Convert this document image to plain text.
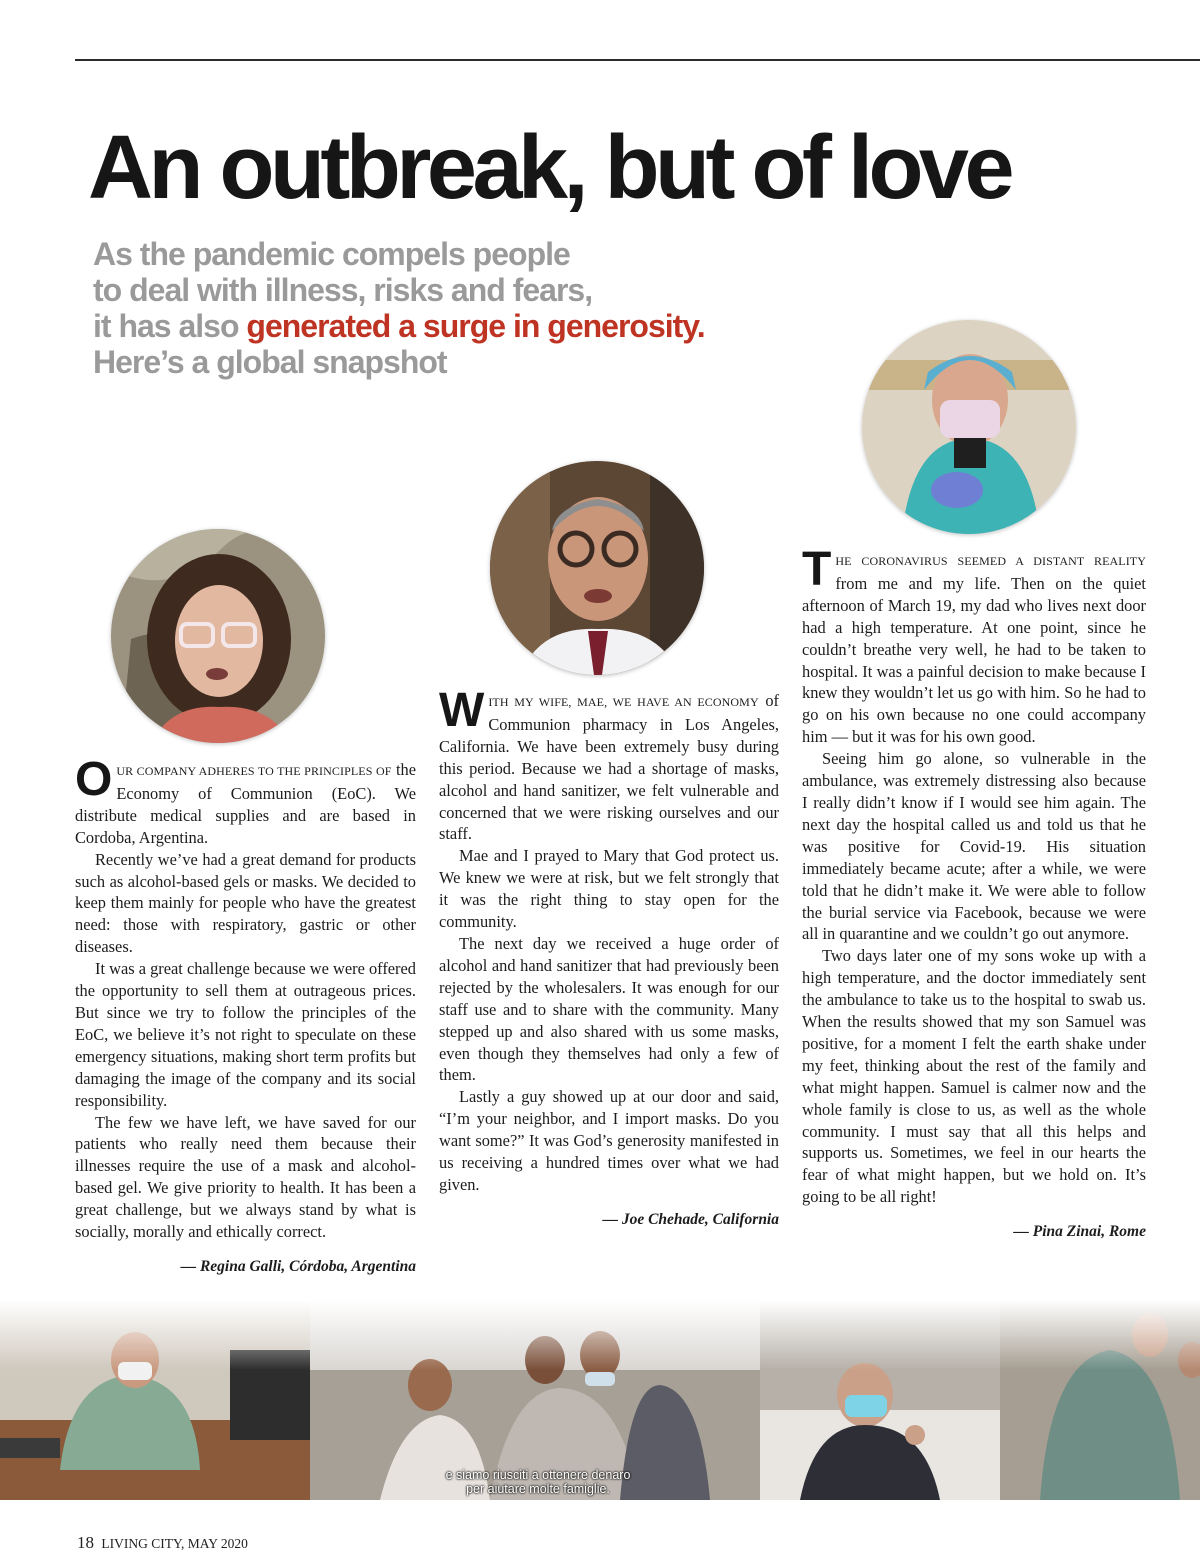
An outbreak, but of love
As the pandemic compels people
to deal with illness, risks and fears,
it has also generated a surge in generosity.
Here’s a global snapshot

OUR COMPANY ADHERES TO THE PRINCIPLES OF the Economy of Communion (EoC). We distribute medical supplies and are based in Cordoba, Argentina.

Recently we’ve had a great demand for products such as alcohol-based gels or masks. We decided to keep them mainly for people who have the greatest need: those with respiratory, gastric or other diseases.

It was a great challenge because we were offered the opportunity to sell them at outrageous prices. But since we try to follow the principles of the EoC, we believe it’s not right to speculate on these emergency situations, making short term profits but damaging the image of the company and its social responsibility.

The few we have left, we have saved for our patients who really need them because their illnesses require the use of a mask and alcohol-based gel. We give priority to health. It has been a great challenge, but we always stand by what is socially, morally and ethically correct.

— Regina Galli, Córdoba, Argentina

WITH MY WIFE, MAE, WE HAVE AN ECONOMY of Communion pharmacy in Los Angeles, California. We have been extremely busy during this period. Because we had a shortage of masks, alcohol and hand sanitizer, we felt vulnerable and concerned that we were risking ourselves and our staff.

Mae and I prayed to Mary that God protect us. We knew we were at risk, but we felt strongly that it was the right thing to stay open for the community.

The next day we received a huge order of alcohol and hand sanitizer that had previously been rejected by the wholesalers. It was enough for our staff use and to share with the community. Many stepped up and also shared with us some masks, even though they themselves had only a few of them.

Lastly a guy showed up at our door and said, “I’m your neighbor, and I import masks. Do you want some?” It was God’s generosity manifested in us receiving a hundred times over what we had given.

— Joe Chehade, California

THE CORONAVIRUS SEEMED A DISTANT REALITY from me and my life. Then on the quiet afternoon of March 19, my dad who lives next door had a high temperature. At one point, since he couldn’t breathe very well, he had to be taken to hospital. It was a painful decision to make because I knew they wouldn’t let us go with him. So he had to go on his own because no one could accompany him — but it was for his own good.

Seeing him go alone, so vulnerable in the ambulance, was extremely distressing also because I really didn’t know if I would see him again. The next day the hospital called us and told us that he was positive for Covid-19. His situation immediately became acute; after a while, we were told that he didn’t make it. We were able to follow the burial service via Facebook, because we were all in quarantine and we couldn’t go out anymore.

Two days later one of my sons woke up with a high temperature, and the doctor immediately sent the ambulance to take us to the hospital to swab us. When the results showed that my son Samuel was positive, for a moment I felt the earth shake under my feet, thinking about the rest of the family and what might happen. Samuel is calmer now and the whole family is close to us, as well as the whole community. I must say that all this helps and supports us. Sometimes, we feel in our hearts the fear of what might happen, but we hold on. It’s going to be all right!

— Pina Zinai, Rome

e siamo riusciti a ottenere denaro
per aiutare molte famiglie.
18 LIVING CITY, MAY 2020
